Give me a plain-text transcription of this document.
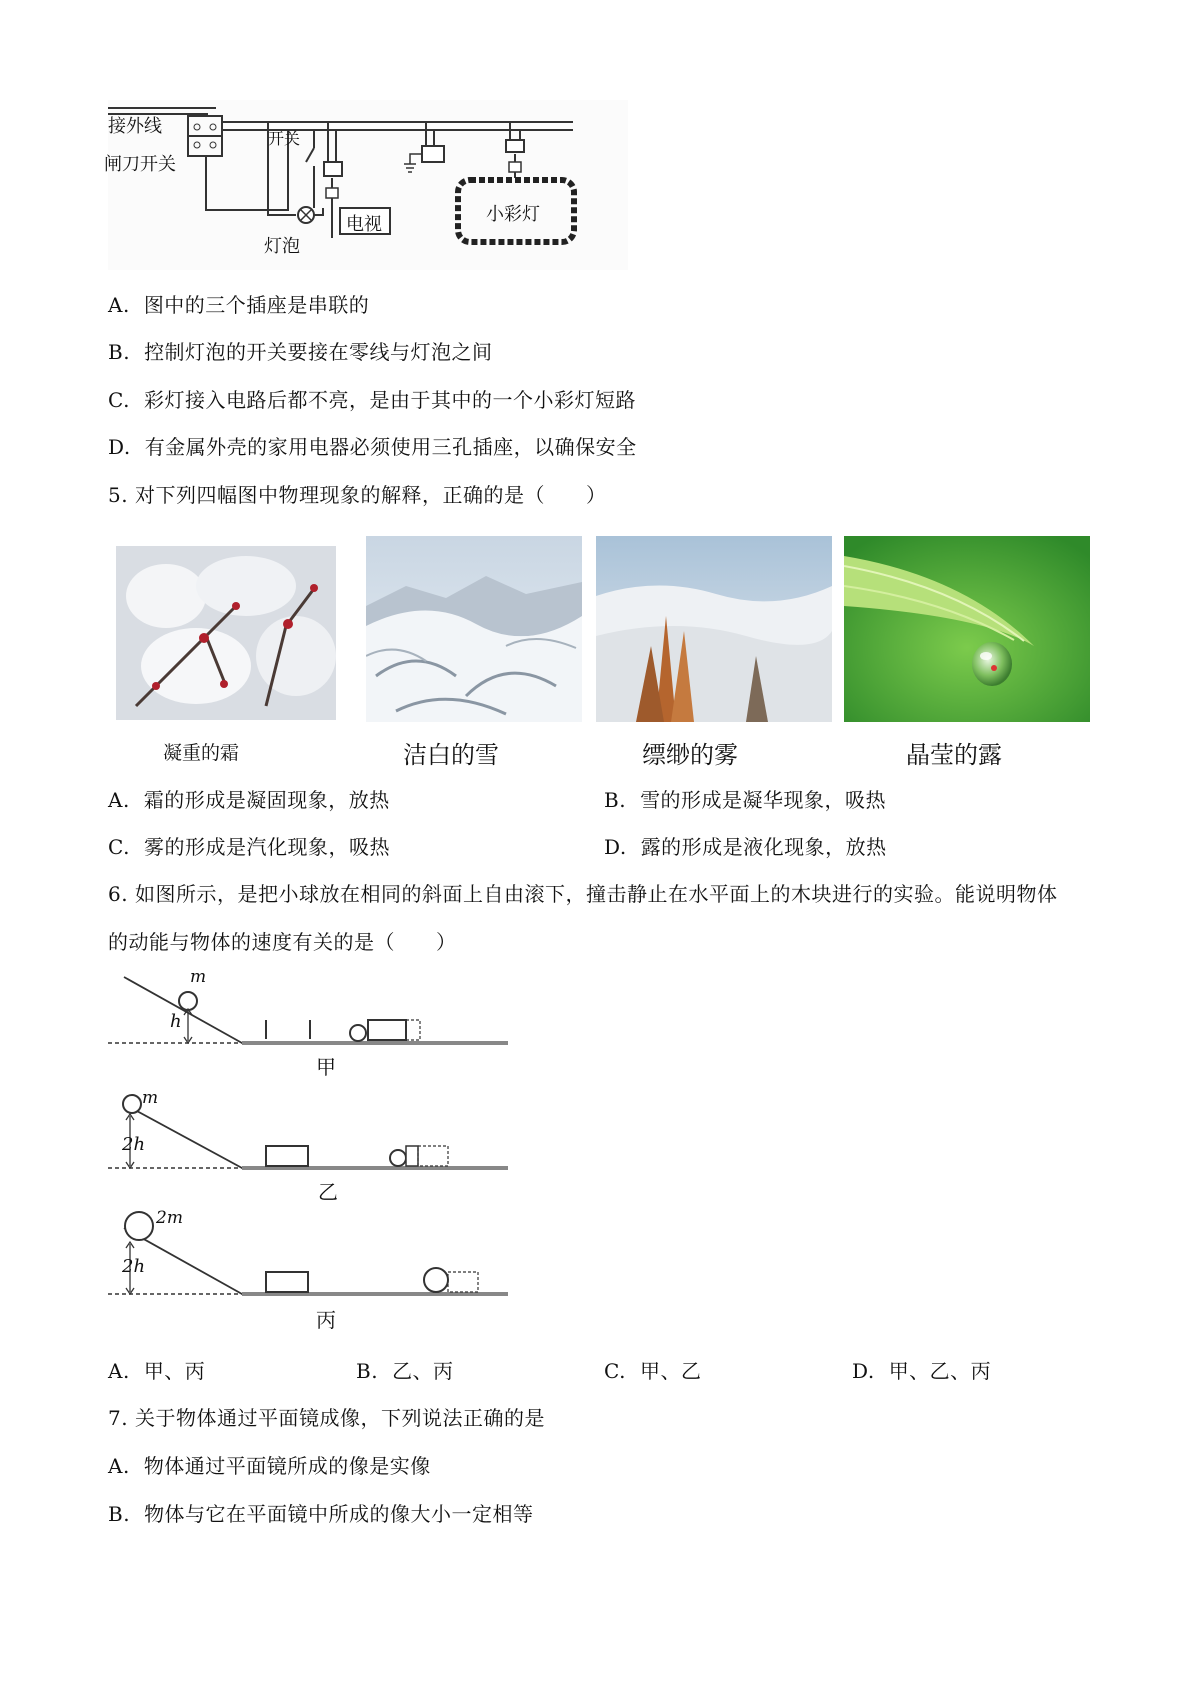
接外线
闸刀开关
开关
灯泡
电视	小彩灯
A. 图中的三个插座是串联的
B. 控制灯泡的开关要接在零线与灯泡之间
C. 彩灯接入电路后都不亮，是由于其中的一个小彩灯短路
D. 有金属外壳的家用电器必须使用三孔插座，以确保安全
5. 对下列四幅图中物理现象的解释，正确的是（　　）
凝重的霜	洁白的雪	缥缈的雾	晶莹的露
A. 霜的形成是凝固现象，放热	B. 雪的形成是凝华现象，吸热
C. 雾的形成是汽化现象，吸热	D. 露的形成是液化现象，放热
6. 如图所示，是把小球放在相同的斜面上自由滚下，撞击静止在水平面上的木块进行的实验。能说明物体
的动能与物体的速度有关的是（　　）
m
h
甲
m
2h
乙
2m
2h
丙
A. 甲、丙	B. 乙、丙	C. 甲、乙	D. 甲、乙、丙
7. 关于物体通过平面镜成像，下列说法正确的是
A. 物体通过平面镜所成的像是实像
B. 物体与它在平面镜中所成的像大小一定相等
